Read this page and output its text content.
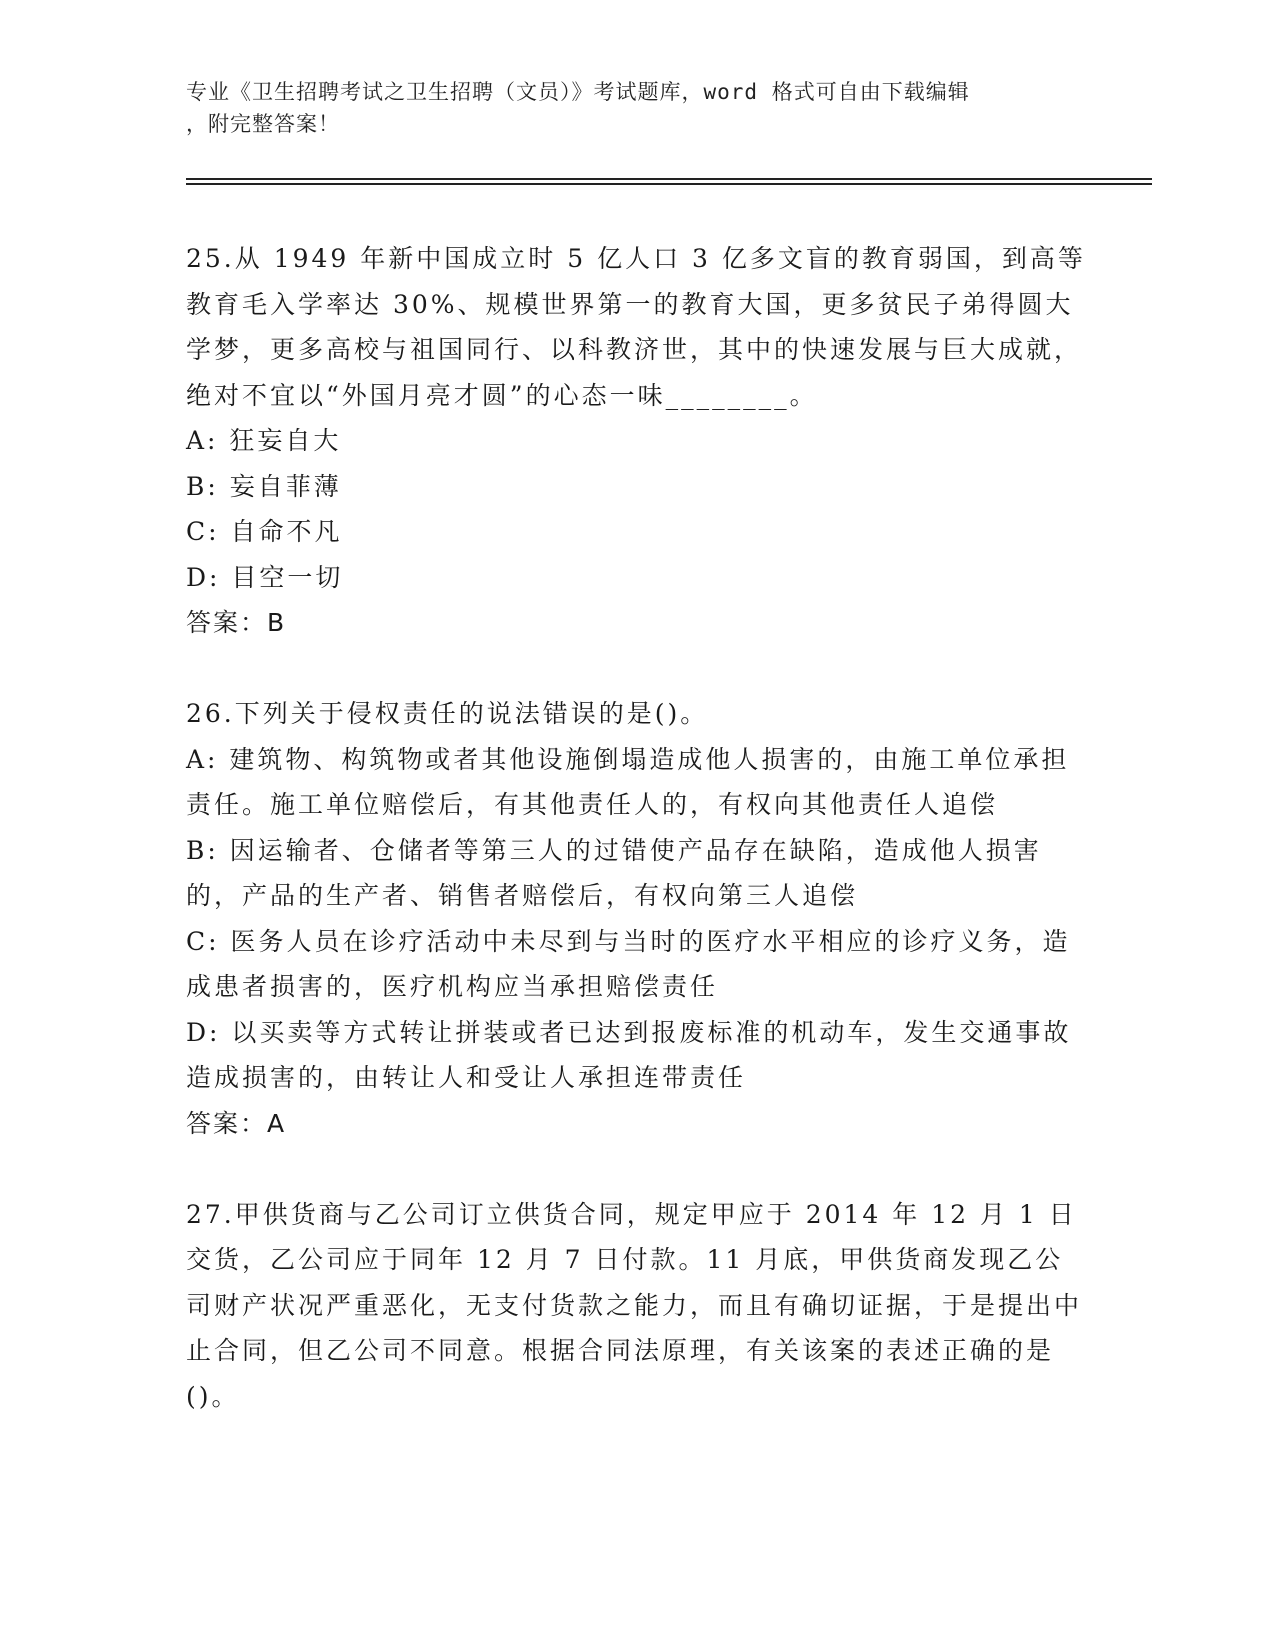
专业《卫生招聘考试之卫生招聘（文员）》考试题库，word 格式可自由下载编辑
，附完整答案！

25.从 1949 年新中国成立时 5 亿人口 3 亿多文盲的教育弱国，到高等教育毛入学率达 30%、规模世界第一的教育大国，更多贫民子弟得圆大学梦，更多高校与祖国同行、以科教济世，其中的快速发展与巨大成就，绝对不宜以“外国月亮才圆”的心态一味________。

A: 狂妄自大

B: 妄自菲薄

C: 自命不凡

D: 目空一切

答案：B

26.下列关于侵权责任的说法错误的是()。

A: 建筑物、构筑物或者其他设施倒塌造成他人损害的，由施工单位承担责任。施工单位赔偿后，有其他责任人的，有权向其他责任人追偿

B: 因运输者、仓储者等第三人的过错使产品存在缺陷，造成他人损害的，产品的生产者、销售者赔偿后，有权向第三人追偿

C: 医务人员在诊疗活动中未尽到与当时的医疗水平相应的诊疗义务，造成患者损害的，医疗机构应当承担赔偿责任

D: 以买卖等方式转让拼装或者已达到报废标准的机动车，发生交通事故造成损害的，由转让人和受让人承担连带责任

答案：A

27.甲供货商与乙公司订立供货合同，规定甲应于 2014 年 12 月 1 日交货，乙公司应于同年 12 月 7 日付款。11 月底，甲供货商发现乙公司财产状况严重恶化，无支付货款之能力，而且有确切证据，于是提出中止合同，但乙公司不同意。根据合同法原理，有关该案的表述正确的是()。
